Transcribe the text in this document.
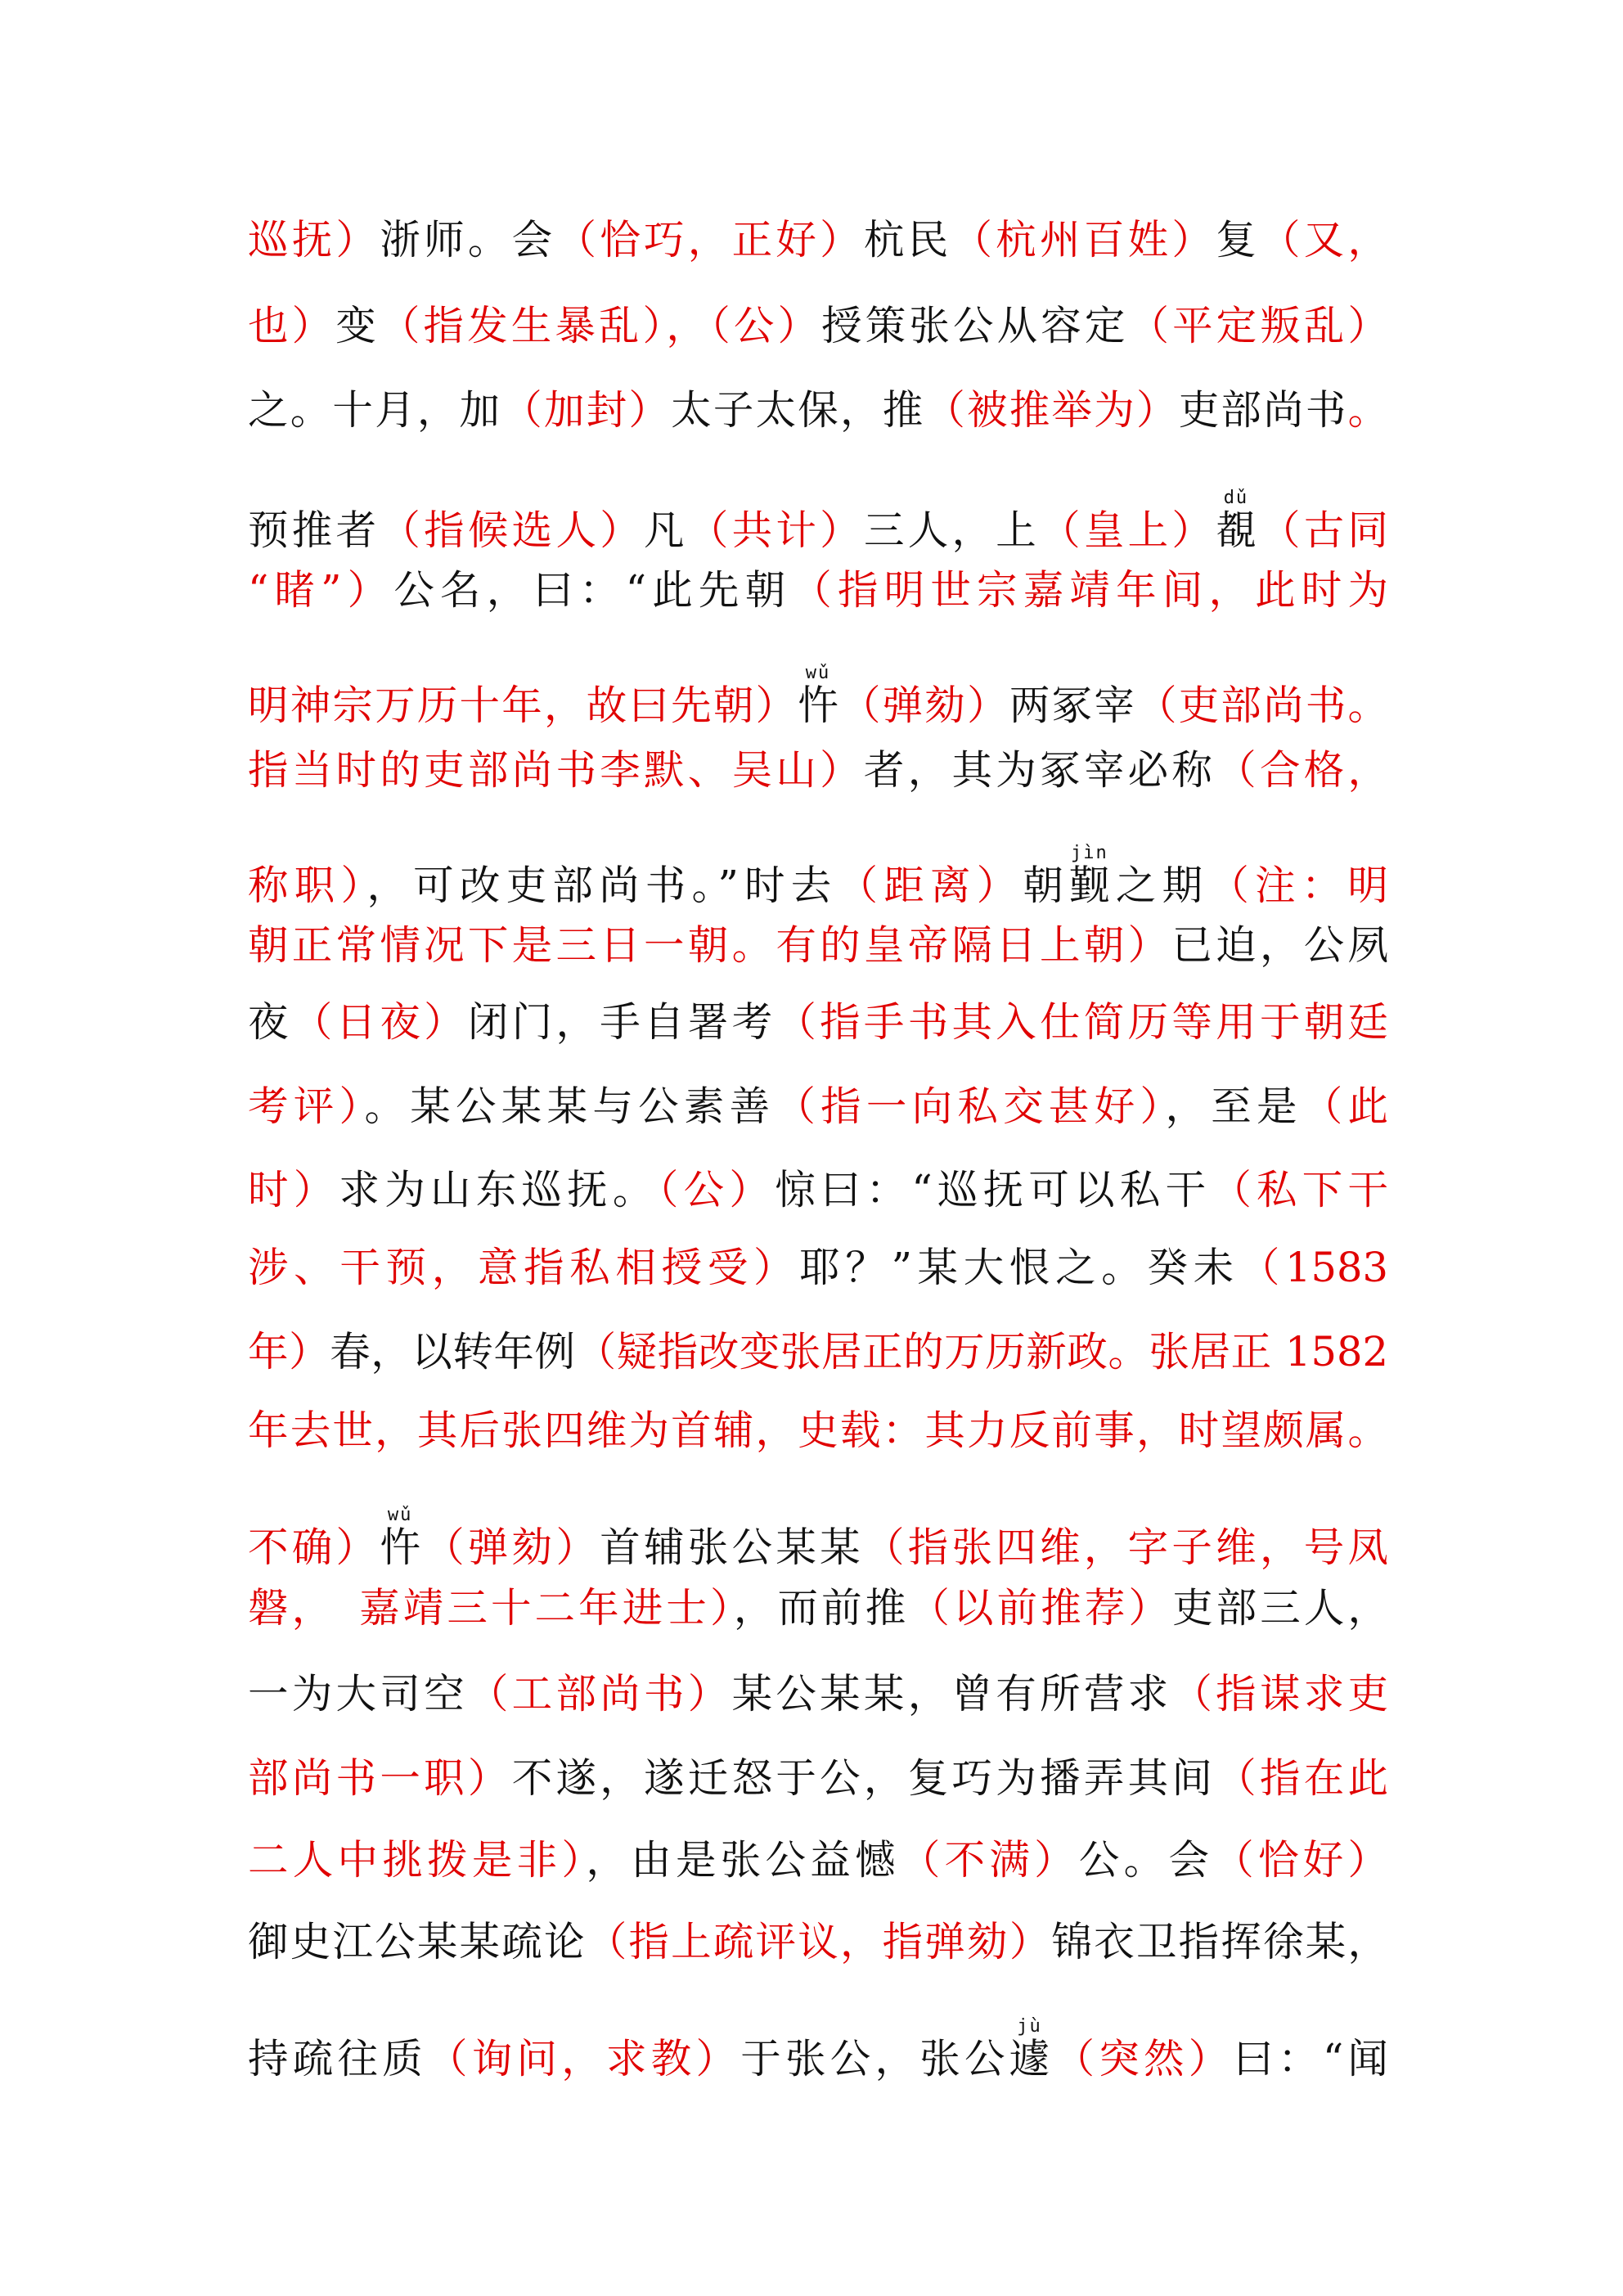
巡抚）浙师。会（恰巧，正好）杭民（杭州百姓）复（又，
也）变（指发生暴乱），（公）授策张公从容定（平定叛乱）
之。十月，加（加封）太子太保，推（被推举为）吏部尚书。
预推者（指候选人）凡（共计）三人，上（皇上）覩dǔ（古同
“睹”）公名，曰：“此先朝（指明世宗嘉靖年间，此时为
明神宗万历十年，故曰先朝）忤wǔ（弹劾）两冢宰（吏部尚书。
指当时的吏部尚书李默、吴山）者，其为冢宰必称（合格，
称职），可改吏部尚书。”时去（距离）朝觐jìn之期（注：明
朝正常情况下是三日一朝。有的皇帝隔日上朝）已迫，公夙
夜（日夜）闭门，手自署考（指手书其入仕简历等用于朝廷
考评）。某公某某与公素善（指一向私交甚好），至是（此
时）求为山东巡抚。（公）惊曰：“巡抚可以私干（私下干
涉、干预，意指私相授受）耶？”某大恨之。癸未（1583
年）春，以转年例（疑指改变张居正的万历新政。张居正 1582
年去世，其后张四维为首辅，史载：其力反前事，时望颇属。
不确）忤wǔ（弹劾）首辅张公某某（指张四维，字子维，号凤
磐，　嘉靖三十二年进士），而前推（以前推荐）吏部三人，
一为大司空（工部尚书）某公某某，曾有所营求（指谋求吏
部尚书一职）不遂，遂迁怒于公，复巧为播弄其间（指在此
二人中挑拨是非），由是张公益憾（不满）公。会（恰好）
御史江公某某疏论（指上疏评议，指弹劾）锦衣卫指挥徐某，
持疏往质（询问，求教）于张公，张公遽jù（突然）曰：“闻
